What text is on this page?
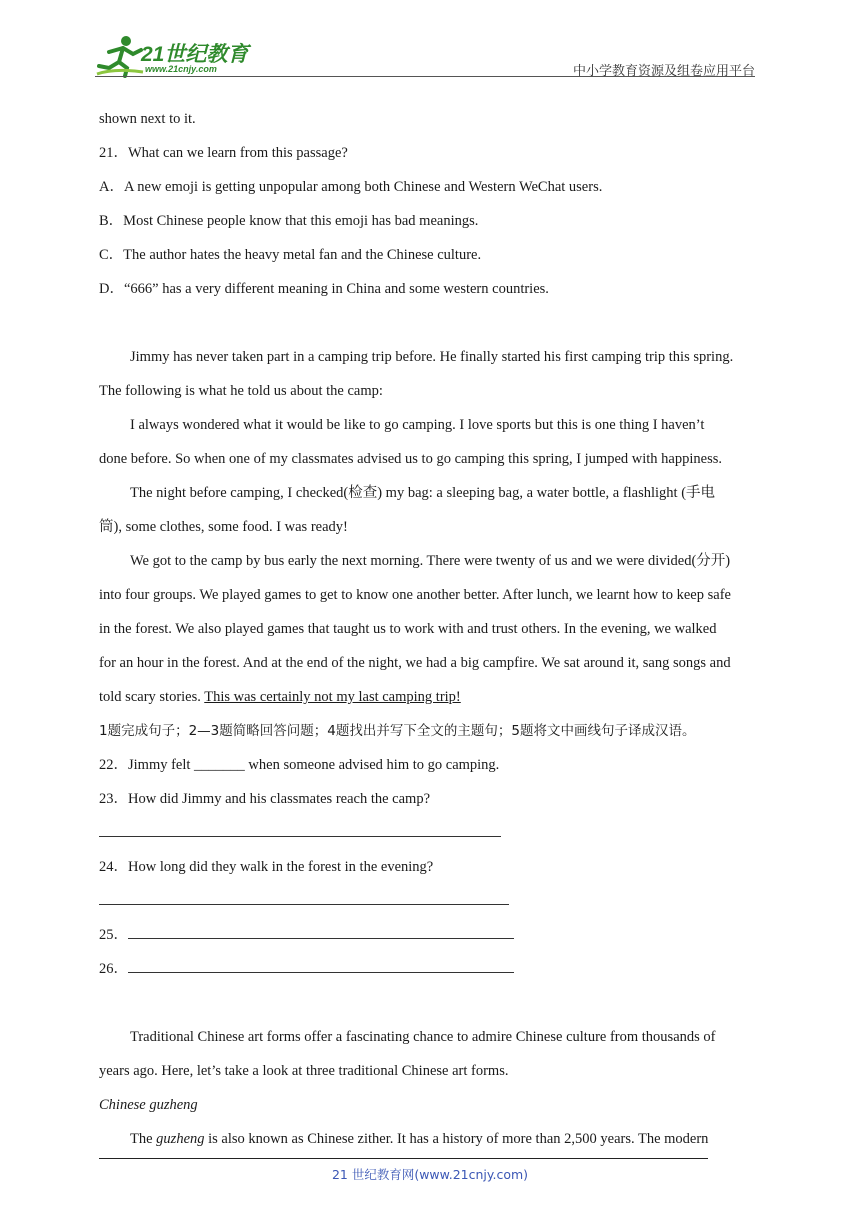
21世纪教育
www.21cnjy.com	中小学教育资源及组卷应用平台
shown next to it.
21．What can we learn from this passage?
A．A new emoji is getting unpopular among both Chinese and Western WeChat users.
B．Most Chinese people know that this emoji has bad meanings.
C．The author hates the heavy metal fan and the Chinese culture.
D．“666” has a very different meaning in China and some western countries.
Jimmy has never taken part in a camping trip before. He finally started his first camping trip this spring.
The following is what he told us about the camp:
I always wondered what it would be like to go camping. I love sports but this is one thing I haven’t
done before. So when one of my classmates advised us to go camping this spring, I jumped with happiness.
The night before camping, I checked(检查) my bag: a sleeping bag, a water bottle, a flashlight (手电
筒), some clothes, some food. I was ready!
We got to the camp by bus early the next morning. There were twenty of us and we were divided(分开)
into four groups. We played games to get to know one another better. After lunch, we learnt how to keep safe
in the forest. We also played games that taught us to work with and trust others. In the evening, we walked
for an hour in the forest. And at the end of the night, we had a big campfire. We sat around it, sang songs and
told scary stories. This was certainly not my last camping trip!
1题完成句子；2—3题简略回答问题；4题找出并写下全文的主题句；5题将文中画线句子译成汉语。
22．Jimmy felt _______ when someone advised him to go camping.
23．How did Jimmy and his classmates reach the camp?
24．How long did they walk in the forest in the evening?
25．
26．
Traditional Chinese art forms offer a fascinating chance to admire Chinese culture from thousands of
years ago. Here, let’s take a look at three traditional Chinese art forms.
Chinese guzheng
The guzheng is also known as Chinese zither. It has a history of more than 2,500 years. The modern
21 世纪教育网(www.21cnjy.com)
